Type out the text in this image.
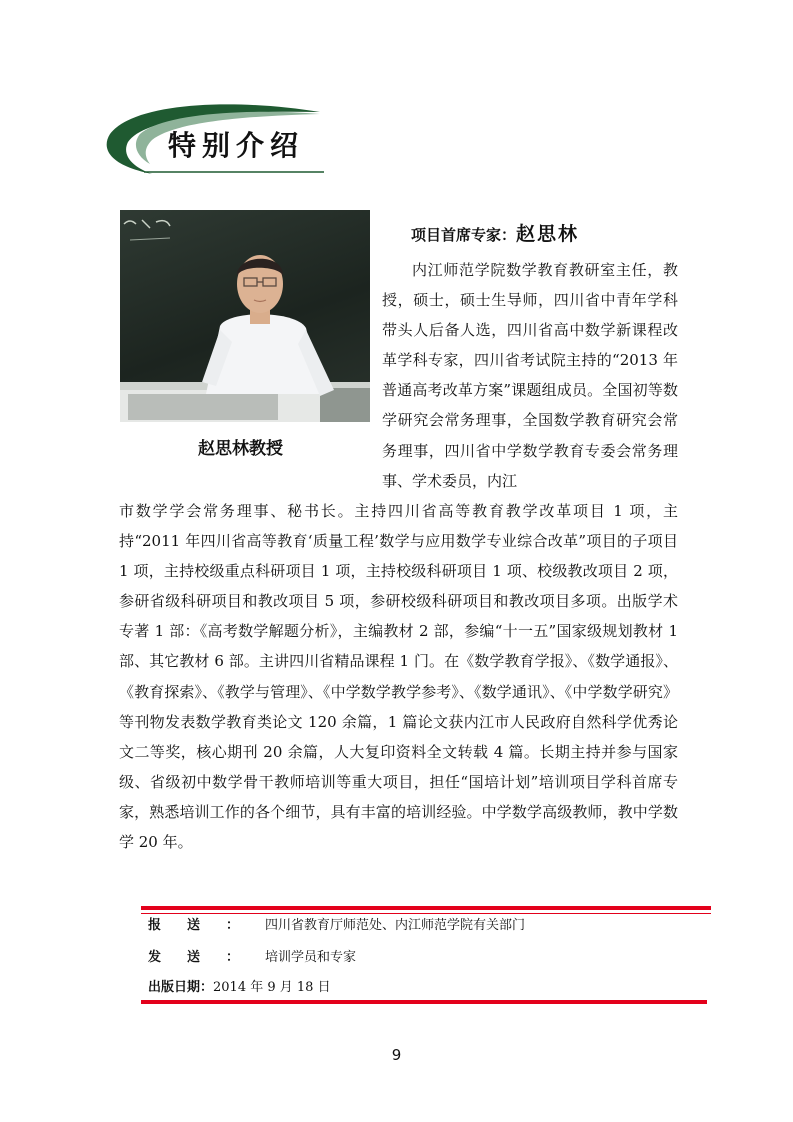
特别介绍
赵思林教授
项目首席专家：赵思林
内江师范学院数学教育教研室主任，教授，硕士，硕士生导师，四川省中青年学科带头人后备人选，四川省高中数学新课程改革学科专家，四川省考试院主持的“2013 年普通高考改革方案”课题组成员。全国初等数学研究会常务理事，全国数学教育研究会常务理事，四川省中学数学教育专委会常务理事、学术委员，内江
市数学学会常务理事、秘书长。主持四川省高等教育教学改革项目 1 项，主持“2011 年四川省高等教育‘质量工程’数学与应用数学专业综合改革”项目的子项目 1 项，主持校级重点科研项目 1 项，主持校级科研项目 1 项、校级教改项目 2 项，参研省级科研项目和教改项目 5 项，参研校级科研项目和教改项目多项。出版学术专著 1 部：《高考数学解题分析》，主编教材 2 部，参编“十一五”国家级规划教材 1 部、其它教材 6 部。主讲四川省精品课程 1 门。在《数学教育学报》、《数学通报》、《教育探索》、《教学与管理》、《中学数学教学参考》、《数学通讯》、《中学数学研究》等刊物发表数学教育类论文 120 余篇，1 篇论文获内江市人民政府自然科学优秀论文二等奖，核心期刊 20 余篇，人大复印资料全文转载 4 篇。长期主持并参与国家级、省级初中数学骨干教师培训等重大项目，担任“国培计划”培训项目学科首席专家，熟悉培训工作的各个细节，具有丰富的培训经验。中学数学高级教师，教中学数学 20 年。
报送：四川省教育厅师范处、内江师范学院有关部门
发送：培训学员和专家
出版日期：2014 年 9 月 18 日
9
